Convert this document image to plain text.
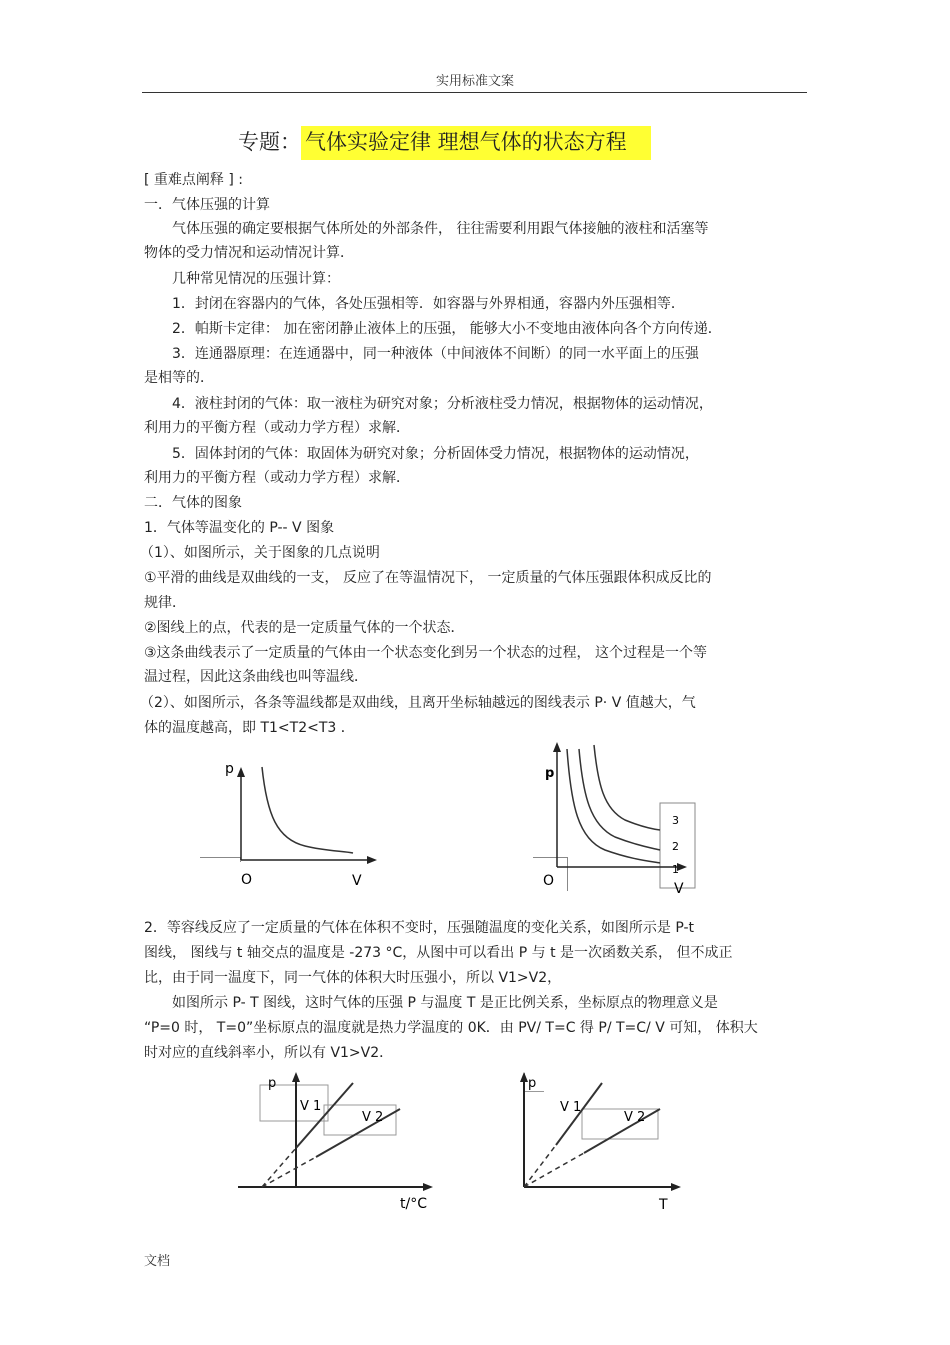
实用标准文案
专题： 气体实验定律 理想气体的状态方程
[ 重难点阐释 ] :
一．气体压强的计算
气体压强的确定要根据气体所处的外部条件， 往往需要利用跟气体接触的液柱和活塞等
物体的受力情况和运动情况计算．
几种常见情况的压强计算：
1．封闭在容器内的气体，各处压强相等．如容器与外界相通，容器内外压强相等．
2．帕斯卡定律： 加在密闭静止液体上的压强， 能够大小不变地由液体向各个方向传递．
3．连通器原理：在连通器中，同一种液体（中间液体不间断）的同一水平面上的压强
是相等的．
4．液柱封闭的气体：取一液柱为研究对象；分析液柱受力情况，根据物体的运动情况，
利用力的平衡方程（或动力学方程）求解．
5．固体封闭的气体：取固体为研究对象；分析固体受力情况，根据物体的运动情况，
利用力的平衡方程（或动力学方程）求解．
二．气体的图象
1．气体等温变化的 P-- V 图象
（1）、如图所示，关于图象的几点说明
①平滑的曲线是双曲线的一支， 反应了在等温情况下， 一定质量的气体压强跟体积成反比的
规律．
②图线上的点，代表的是一定质量气体的一个状态．
③这条曲线表示了一定质量的气体由一个状态变化到另一个状态的过程， 这个过程是一个等
温过程，因此这条曲线也叫等温线．
（2）、如图所示，各条等温线都是双曲线，且离开坐标轴越远的图线表示 P· V 值越大，气
体的温度越高，即 T1<T2<T3 ．
p
O	V
p
O	V
3
2
1
2．等容线反应了一定质量的气体在体积不变时，压强随温度的变化关系，如图所示是 P-t
图线， 图线与 t 轴交点的温度是 -273 °C，从图中可以看出 P 与 t 是一次函数关系， 但不成正
比，由于同一温度下，同一气体的体积大时压强小，所以 V1>V2，
如图所示 P- T 图线，这时气体的压强 P 与温度 T 是正比例关系，坐标原点的物理意义是
“P=0 时， T=0”坐标原点的温度就是热力学温度的 0K．由 PV/ T=C 得 P/ T=C/ V 可知， 体积大
时对应的直线斜率小，所以有 V1>V2．
p
V 1
V 2
t/°C
p
V 1
V 2
T
文档
